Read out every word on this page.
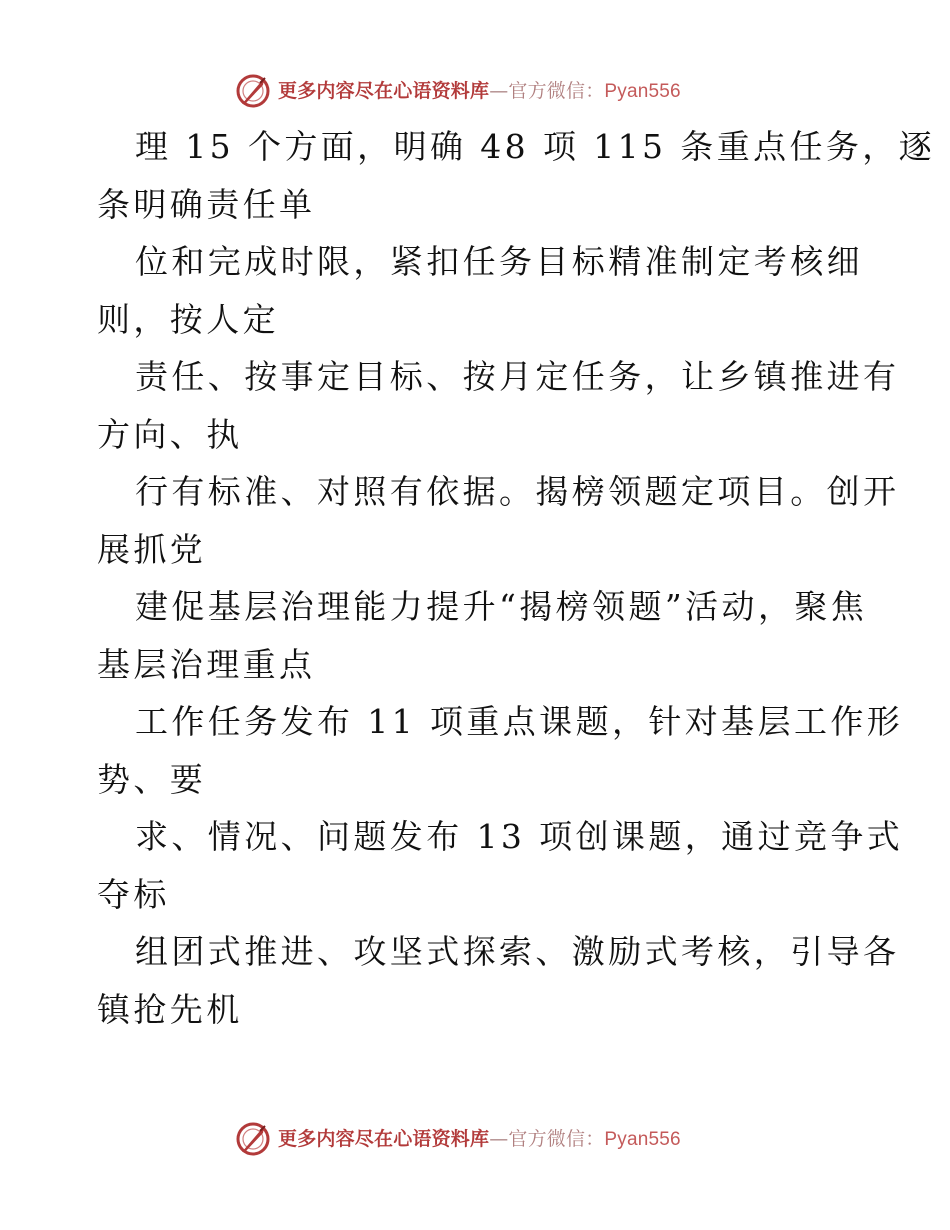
更多内容尽在心语资料库 — 官方微信： Pyan556
理 15 个方面，明确 48 项 115 条重点任务，逐
条明确责任单
位和完成时限，紧扣任务目标精准制定考核细
则，按人定
责任、按事定目标、按月定任务，让乡镇推进有
方向、执
行有标准、对照有依据。揭榜领题定项目。创开
展抓党
建促基层治理能力提升“揭榜领题”活动，聚焦
基层治理重点
工作任务发布 11 项重点课题，针对基层工作形
势、要
求、情况、问题发布 13 项创课题，通过竞争式
夺标
组团式推进、攻坚式探索、激励式考核，引导各
镇抢先机
更多内容尽在心语资料库 — 官方微信： Pyan556
